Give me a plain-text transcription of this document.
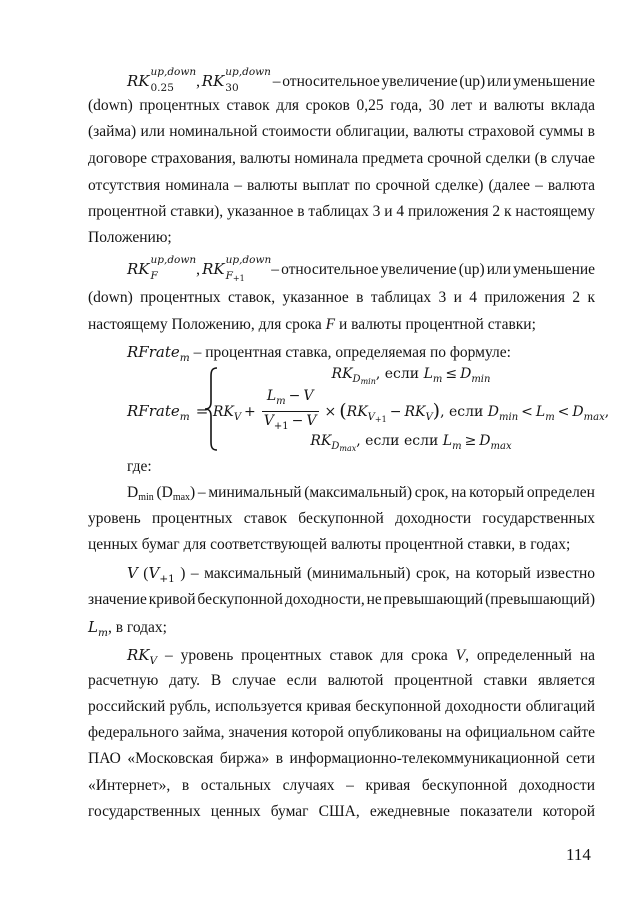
RK up,down
0.25	, RK up,down
30	– относительное увеличение (up) или уменьшение
(down) процентных ставок для сроков 0,25 года, 30 лет и валюты вклада
(займа) или номинальной стоимости облигации, валюты страховой суммы в
договоре страхования, валюты номинала предмета срочной сделки (в случае
отсутствия номинала – валюты выплат по срочной сделке) (далее – валюта
процентной ставки), указанное в таблицах 3 и 4 приложения 2 к настоящему
Положению;
RK up,down
F	, RK up,down
F+1
– относительное увеличение (up) или уменьшение
(down) процентных ставок, указанное в таблицах 3 и 4 приложения 2 к
настоящему Положению, для срока F и валюты процентной ставки;
RFrate$_m$ – процентная ставка, определяемая по формуле:
RFrate$_m$ =
$RK_{D_{min}}$, если $L_m \le D_{min}$
$RK_V + \frac{L_m - V}{V_{+1} - V} \times (RK_{V_{+1}} - RK_V)$, если $D_{min} < L_m < D_{max}$,
$RK_{D_{max}}$, если если $L_m \ge D_{max}$
где:
Dmin (Dmax) – минимальный (максимальный) срок, на который определен
уровень процентных ставок бескупонной доходности государственных
ценных бумаг для соответствующей валюты процентной ставки, в годах;
V ($V_{+1}$ ) – максимальный (минимальный) срок, на который известно
значение кривой бескупонной доходности, не превышающий (превышающий)
$L_m$, в годах;
$RK_V$ – уровень процентных ставок для срока V, определенный на
расчетную дату. В случае если валютой процентной ставки является
российский рубль, используется кривая бескупонной доходности облигаций
федерального займа, значения которой опубликованы на официальном сайте
ПАО «Московская биржа» в информационно-телекоммуникационной сети
«Интернет», в остальных случаях – кривая бескупонной доходности
государственных ценных бумаг США, ежедневные показатели которой
114
